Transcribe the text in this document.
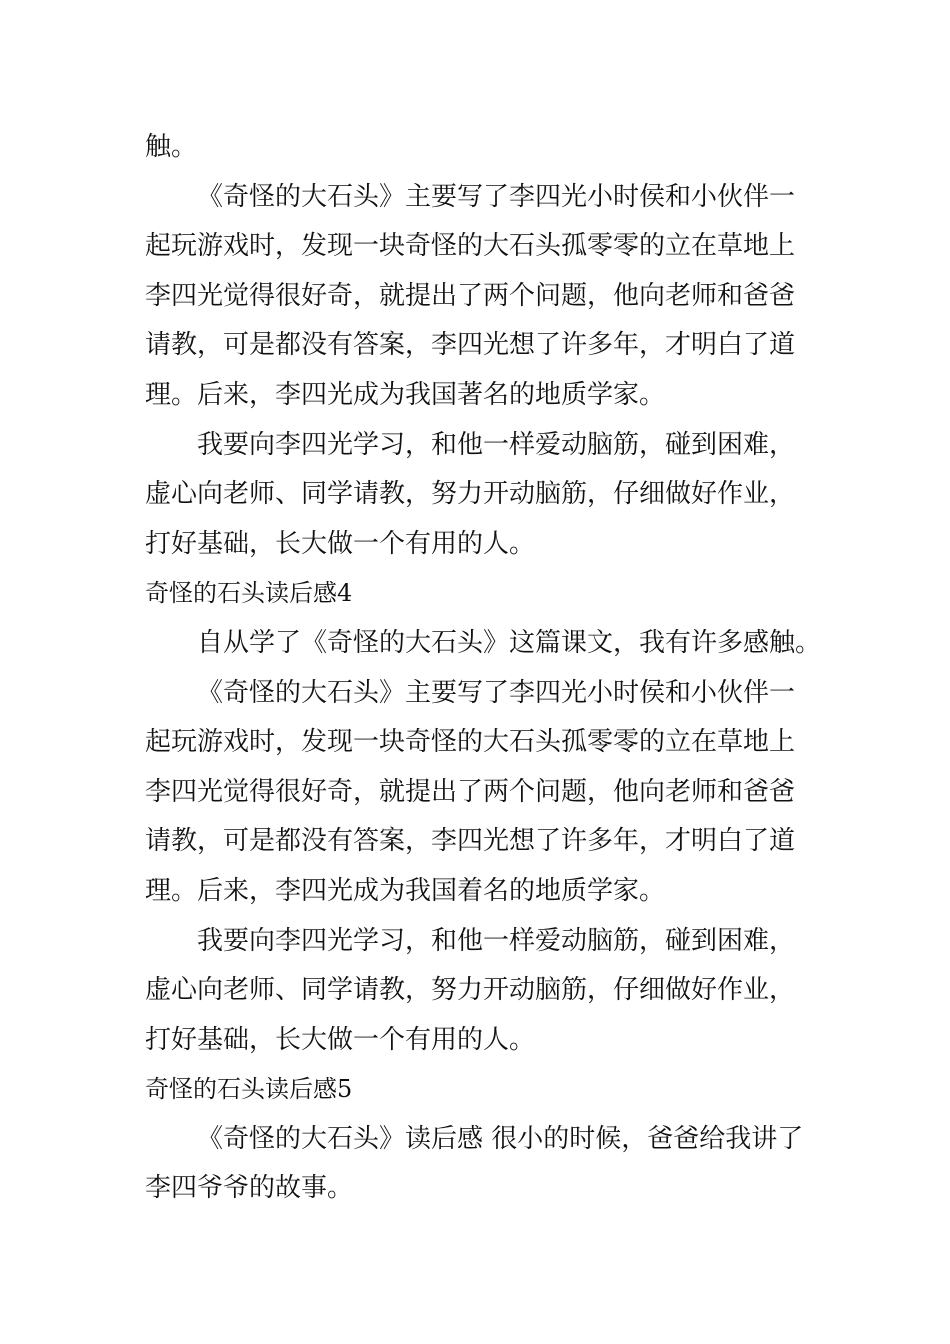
触。
《奇怪的大石头》主要写了李四光小时侯和小伙伴一
起玩游戏时，发现一块奇怪的大石头孤零零的立在草地上
李四光觉得很好奇，就提出了两个问题，他向老师和爸爸
请教，可是都没有答案，李四光想了许多年，才明白了道
理。后来，李四光成为我国著名的地质学家。
我要向李四光学习，和他一样爱动脑筋，碰到困难，
虚心向老师、同学请教，努力开动脑筋，仔细做好作业，
打好基础，长大做一个有用的人。
奇怪的石头读后感4
自从学了《奇怪的大石头》这篇课文，我有许多感触。
《奇怪的大石头》主要写了李四光小时侯和小伙伴一
起玩游戏时，发现一块奇怪的大石头孤零零的立在草地上
李四光觉得很好奇，就提出了两个问题，他向老师和爸爸
请教，可是都没有答案，李四光想了许多年，才明白了道
理。后来，李四光成为我国着名的地质学家。
我要向李四光学习，和他一样爱动脑筋，碰到困难，
虚心向老师、同学请教，努力开动脑筋，仔细做好作业，
打好基础，长大做一个有用的人。
奇怪的石头读后感5
《奇怪的大石头》读后感 很小的时候，爸爸给我讲了
李四爷爷的故事。
